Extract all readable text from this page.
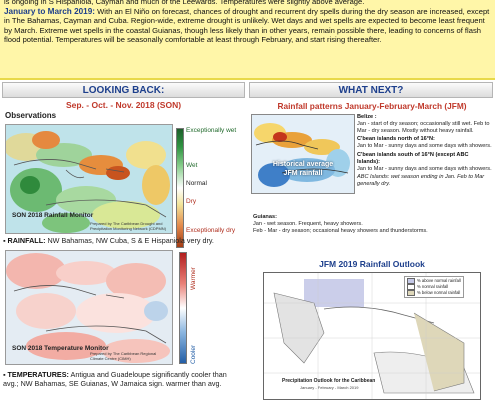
is ongoing in S Hispaniola, Cayman and much of the Leewards. Temperatures were slightly above average.

January to March 2019: With an El Niño on forecast, chances of drought and recurrent dry spells during the dry season are increased, except in The Bahamas, Cayman and Cuba. Region-wide, extreme drought is unlikely. Wet days and wet spells are expected to become least frequent by March. Extreme wet spells in the coastal Guianas, though less likely than in other years, remain possible there, leading to concerns of flash flood potential. Temperatures will be seasonally comfortable at least through February, and start rising thereafter.

LOOKING BACK:
Sep. - Oct. - Nov. 2018 (SON)
Observations
SON 2018 Rainfall Monitor
Prepared by The Caribbean Drought and Precipitation Monitoring Network (CDPMN)
Exceptionally wet
Wet
Normal
Dry
Exceptionally dry
▪ RAINFALL: NW Bahamas, NW Cuba, S & E Hispaniola very dry.
SON 2018 Temperature Monitor
Prepared by The Caribbean Regional Climate Centre (CIMH)
Warmer
Cooler
▪ TEMPERATURES: Antigua and Guadeloupe significantly cooler than avg.; NW Bahamas, SE Guianas, W Jamaica sign. warmer than avg.
WHAT NEXT?
Rainfall patterns January-February-March (JFM)
Historical average
JFM rainfall
Belize :
Jan - start of dry season; occasionally still wet. Feb to Mar - dry season. Mostly without heavy rainfall.
C'bean islands north of 16°N:
Jan to Mar - sunny days and some days with showers.
C'bean islands south of 16°N (except ABC Islands):
Jan to Mar - sunny days and some days with showers.
ABC Islands: wet season ending in Jan. Feb to Mar generally dry.
Guianas:
Jan - wet season. Frequent, heavy showers.
Feb - Mar - dry season; occasional heavy showers and thunderstorms.
JFM 2019 Rainfall Outlook
% above normal rainfall
% normal rainfall
% below normal rainfall
Precipitation Outlook for the Caribbean
January - February - March 2019
